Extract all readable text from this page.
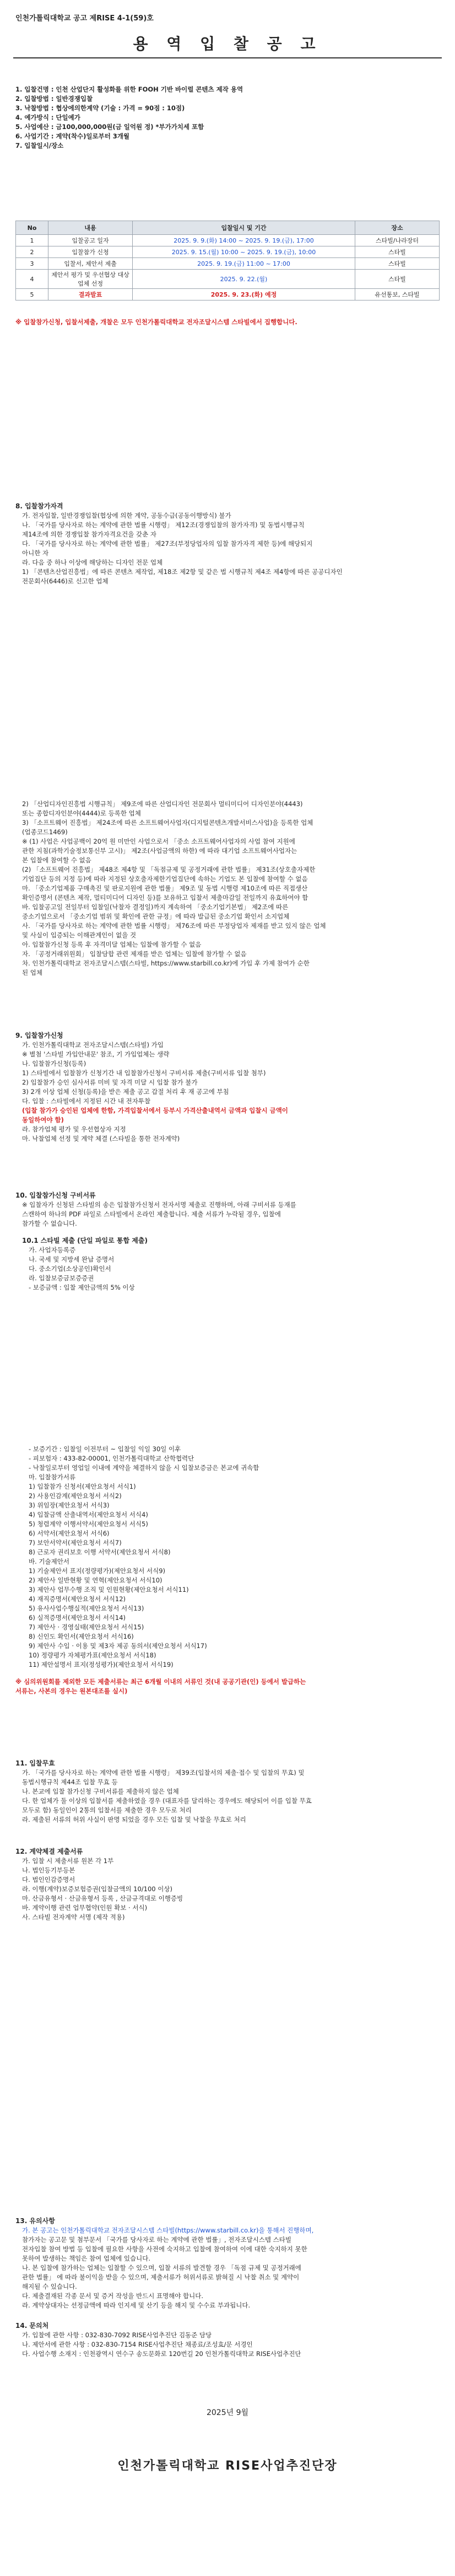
인천가톨릭대학교 공고 제RISE 4-1(59)호
용 역 입 찰 공 고
1. 입찰건명 : 인천 산업단지 활성화를 위한 FOOH 기반 바이럴 콘텐츠 제작 용역
2. 입찰방법 : 일반경쟁입찰
3. 낙찰방법 : 협상에의한계약 (기술 : 가격 = 90점 : 10점)
4. 예가방식 : 단일예가
5. 사업예산 : 금100,000,000원(금 일억원 정) *부가가치세 포함
6. 사업기간 : 계약(착수)일로부터 3개월
7. 입찰일시/장소
No	내용	입찰일시 및 기간	장소
1	입찰공고 일자	2025. 9. 9.(화) 14:00 ~ 2025. 9. 19.(금), 17:00	스타빌/나라장터
2	입찰참가 신청	2025. 9. 15.(월) 10:00 ~ 2025. 9. 19.(금), 10:00	스타빌
3	입찰서, 제안서 제출	2025. 9. 19.(금) 11:00 ~ 17:00	스타빌
4	제안서 평가 및 우선협상 대상업체 선정	2025. 9. 22.(월)	스타빌
5	결과발표	2025. 9. 23.(화) 예정	유선통보, 스타빌
※ 입찰참가신청, 입찰서제출, 개찰은 모두 인천가톨릭대학교 전자조달시스템 스타빌에서 집행합니다.
8. 입찰참가자격
가. 전자입찰, 일반경쟁입찰(협상에 의한 계약, 공동수급(공동이행방식) 불가
나. 「국가를 당사자로 하는 계약에 관한 법률 시행령」 제12조(경쟁입찰의 참가자격) 및 동법시행규칙
제14조에 의한 경쟁입찰 참가자격요건을 갖춘 자
다. 「국가를 당사자로 하는 계약에 관한 법률」 제27조(부정당업자의 입찰 참가자격 제한 등)에 해당되지
아니한 자
라. 다음 중 하나 이상에 해당하는 디자인 전문 업체
1) 「콘텐츠산업진흥법」에 따른 콘텐츠 제작업, 제18조 제2항 및 같은 법 시행규칙 제4조 제4항에 따른 공공디자인
전문회사(6446)로 신고한 업체
2) 「산업디자인진흥법 시행규칙」 제9조에 따른 산업디자인 전문회사 멀티미디어 디자인분야(4443)
또는 종합디자인분야(4444)로 등록한 업체
3) 「소프트웨어 진흥법」 제24조에 따른 소프트웨어사업자(디지털콘텐츠개발서비스사업)을 등록한 업체
(업종코드1469)
※ (1) 사업은 사업공백이 20억 원 미만인 사업으로서 「중소 소프트웨어사업자의 사업 참여 지원에
관한 지침(과학기술정보통신부 고시)」 제2조(사업금액의 하한) 에 따라 대기업 소프트웨어사업자는
본 입찰에 참여할 수 없음
(2) 「소프트웨어 진흥법」 제48조 제4항 및 「독점규제 및 공정거래에 관한 법률」 제31조(상호출자제한
기업집단 등의 지정 등)에 따라 지정된 상호출자제한기업집단에 속하는 기업도 본 입찰에 참여할 수 없음
마. 「중소기업제품 구매촉진 및 판로지원에 관한 법률」 제9조 및 동법 시행령 제10조에 따른 직접생산
확인증명서 (콘텐츠 제작, 멀티미디어 디자인 등)를 보유하고 입찰서 제출마감일 전일까지 유효하여야 함
바. 입찰공고일 전일부터 입찰일(낙찰자 결정일)까지 계속하여 「중소기업기본법」 제2조에 따른
중소기업으로서 「중소기업 범위 및 확인에 관한 규정」에 따라 발급된 중소기업 확인서 소지업체
사. 「국가를 당사자로 하는 계약에 관한 법률 시행령」 제76조에 따른 부정당업자 제재를 받고 있지 않은 업체
및 사실이 입증되는 이해관계인이 없을 것
아. 입찰참가신청 등록 후 자격미달 업체는 입찰에 참가할 수 없음
자. 「공정거래위원회」 입찰담합 관련 제재를 받은 업체는 입찰에 참가할 수 없음
차. 인천가톨릭대학교 전자조달시스템(스타빌, https://www.starbill.co.kr)에 가입 후 가제 참여가 순한
된 업체
9. 입찰참가신청
가. 인천가톨릭대학교 전자조달시스템(스타빌) 가입
※ 별첨 '스타빌 가입안내문' 참조, 기 가입업체는 생략
나. 입찰참가신청(등록)
1) 스타빌에서 입찰참가 신청기간 내 입찰참가신청서 구비서류 제출(구비서류 입찰 첨부)
2) 입찰참가 승인 심사서류 미비 및 자격 미달 시 입찰 참가 불가
3) 2개 이상 업체 신청(등록)을 받은 제출 공고 갑절 처리 후 재 공고에 부침
다. 입찰 : 스타빌에서 지정된 시간 내 전자투찰
(입찰 참가가 승인된 업체에 한함, 가격입찰서에서 등부시 가격산출내역서 금액과 입찰시 금액이
동일하여야 함)
라. 참가업체 평가 및 우선협상자 지정
마. 낙찰업체 선정 및 계약 체결 (스타빌을 통한 전자계약)
10. 입찰참가신청 구비서류
※ 입찰자가 신청된 스타빌의 송은 입찰참가신청서 전자서명 제출로 진행하며, 아래 구비서류 등재를
스캔하여 하나의 PDF 파일로 스타빌에서 온라인 제출합니다. 제출 서류가 누락될 경우, 입찰에
참가할 수 없습니다.
10.1 스타빌 제출 (단일 파일로 통합 제출)
가. 사업자등록증
나. 국세 및 지방세 완납 증명서
다. 중소기업(소상공인)확인서
라. 입찰보증금보증증권
- 보증금액 : 입찰 제안금액의 5% 이상
- 보증기간 : 입찰일 이전부터 ~ 입찰일 익일 30일 이후
- 피보험자 : 433-82-00001, 인천가톨릭대학교 산학협력단
- 낙찰일로부터 영업일 이내에 계약을 체결하지 않을 시 입찰보증금은 본교에 귀속함
마. 입찰참가서류
1) 입찰참가 신청서(제안요청서 서식1)
2) 사용인감계(제안요청서 서식2)
3) 위임장(제안요청서 서식3)
4) 입찰금액 산출내역서(제안요청서 서식4)
5) 청렴계약 이행서약서(제안요청서 서식5)
6) 서약서(제안요청서 서식6)
7) 보안서약서(제안요청서 서식7)
8) 근로자 권리보호 이행 서약서(제안요청서 서식8)
바. 기술제안서
1) 기술제안서 표지(정량평가)(제안요청서 서식9)
2) 제안사 일반현황 및 연혁(제안요청서 서식10)
3) 제안사 업무수행 조직 및 인원현황(제안요청서 서식11)
4) 재직증명서(제안요청서 서식12)
5) 유사사업수행실적(제안요청서 서식13)
6) 실적증명서(제안요청서 서식14)
7) 제안사 · 경영실태(제안요청서 서식15)
8) 신인도 확인서(제안요청서 서식16)
9) 제안사 수입 · 이용 및 제3자 제공 동의서(제안요청서 서식17)
10) 정량평가 자체평가표(제안요청서 서식18)
11) 제안설명서 표지(정성평가)(제안요청서 서식19)
※ 심의위원회를 제외한 모든 제출서류는 최근 6개월 이내의 서류인 것(내 공공기관(인) 등에서 발급하는
서류는, 사본의 경우는 원본대조를 실시)
11. 입찰무효
가. 「국가를 당사자로 하는 계약에 관한 법률 시행령」 제39조(입찰서의 제출·접수 및 입찰의 무효) 및
동법시행규칙 제44조 입찰 무효 등
나. 본교에 입찰 참가신청 구비서류를 제출하지 않은 업체
다. 한 업체가 둘 이상의 입찰서를 제출하였을 경우 (대표자를 달리하는 경우에도 해당되어 이를 입찰 무효
모두로 함) 동일인이 2통의 입찰서를 제출한 경우 모두로 처리
라. 제출된 서류의 허위 사실이 판명 되었을 경우 모든 입찰 및 낙찰을 무효로 처리
12. 계약체결 제출서류
가. 입찰 시 제출서류 원본 각 1부
나. 법인등기부등본
다. 법인인감증명서
라. 이행(계약)보증보험증권(입찰금액의 10/100 이상)
마. 산금유형서 · 산금유형서 등록 , 산금규격대로 이행증빙
바. 계약이행 관련 업무협약(인원 확보 · 서식)
사. 스타빌 전자계약 서명 (제작 적용)
13. 유의사항
가. 본 공고는 인천가톨릭대학교 전자조달시스템 스타빌(https://www.starbill.co.kr)을 통해서 진행하며,
참가자는 공고문 및 첨부문서 「국가를 당사자로 하는 계약에 관한 법률」, 전자조달시스템 스타빌
전자입찰 참여 방법 등 입찰에 필요한 사항을 사전에 숙지하고 입찰에 참여하여 이에 대한 숙지하지 못한
못하여 발생하는 책임은 참여 업체에 있습니다.
나. 본 입찰에 참가하는 업체는 입찰할 수 있으며, 입찰 서류의 발견할 경우 「독점 규제 및 공정거래에
관한 법률」 에 따라 불이익을 받을 수 있으며, 제출서류가 허위서류로 밝혀질 시 낙찰 취소 및 계약이
해지될 수 있습니다.
다. 제출결재된 각종 문서 및 증거 작성을 반드시 표명해야 합니다.
라. 계약상대자는 선정금액에 따라 인지세 및 산기 등을 해지 및 수수료 부과됩니다.
14. 문의처
가. 입찰에 관한 사항 : 032-830-7092 RISE사업추진단 김동준 담당
나. 제안서에 관한 사항 : 032-830-7154 RISE사업추진단 채종료/조성효/문 서경인
다. 사업수행 소재지 : 인천광역시 연수구 송도문화로 120번길 20 인천가톨릭대학교 RISE사업추진단
2025년 9월
인천가톨릭대학교 RISE사업추진단장
